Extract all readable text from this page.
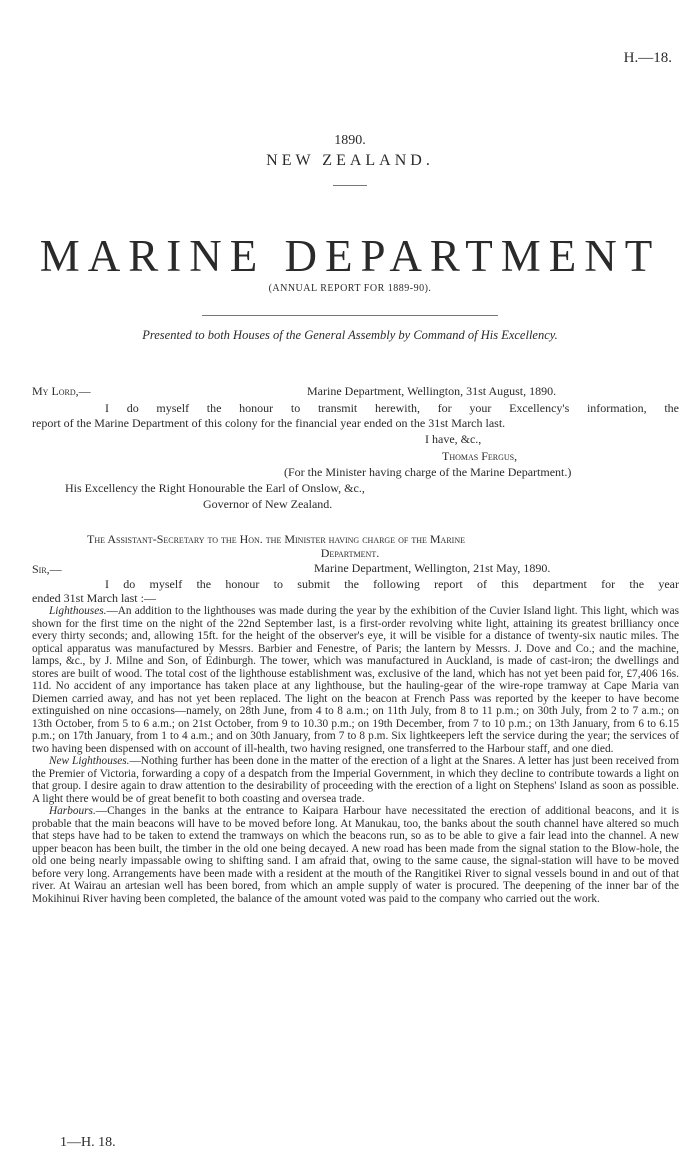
H.—18.
1890.
NEW ZEALAND.
MARINE DEPARTMENT
(ANNUAL REPORT FOR 1889-90).
Presented to both Houses of the General Assembly by Command of His Excellency.
My Lord,—	Marine Department, Wellington, 31st August, 1890.
I do myself the honour to transmit herewith, for your Excellency's information, the
report of the Marine Department of this colony for the financial year ended on the 31st March last.
I have, &c.,
Thomas Fergus,
(For the Minister having charge of the Marine Department.)
His Excellency the Right Honourable the Earl of Onslow, &c.,
Governor of New Zealand.
The Assistant-Secretary to the Hon. the Minister having charge of the Marine
Department.
Sir,—	Marine Department, Wellington, 21st May, 1890.
I do myself the honour to submit the following report of this department for the year
ended 31st March last :—

Lighthouses.—An addition to the lighthouses was made during the year by the exhibition of the Cuvier Island light. This light, which was shown for the first time on the night of the 22nd September last, is a first-order revolving white light, attaining its greatest brilliancy once every thirty seconds; and, allowing 15ft. for the height of the observer's eye, it will be visible for a distance of twenty-six nautic miles. The optical apparatus was manufactured by Messrs. Barbier and Fenestre, of Paris; the lantern by Messrs. J. Dove and Co.; and the machine, lamps, &c., by J. Milne and Son, of Edinburgh. The tower, which was manufactured in Auckland, is made of cast-iron; the dwellings and stores are built of wood. The total cost of the lighthouse establishment was, exclusive of the land, which has not yet been paid for, £7,406 16s. 11d. No accident of any importance has taken place at any lighthouse, but the hauling-gear of the wire-rope tramway at Cape Maria van Diemen carried away, and has not yet been replaced. The light on the beacon at French Pass was reported by the keeper to have become extinguished on nine occasions—namely, on 28th June, from 4 to 8 a.m.; on 11th July, from 8 to 11 p.m.; on 30th July, from 2 to 7 a.m.; on 13th October, from 5 to 6 a.m.; on 21st October, from 9 to 10.30 p.m.; on 19th December, from 7 to 10 p.m.; on 13th January, from 6 to 6.15 p.m.; on 17th January, from 1 to 4 a.m.; and on 30th January, from 7 to 8 p.m. Six lightkeepers left the service during the year; the services of two having been dispensed with on account of ill-health, two having resigned, one transferred to the Harbour staff, and one died.

New Lighthouses.—Nothing further has been done in the matter of the erection of a light at the Snares. A letter has just been received from the Premier of Victoria, forwarding a copy of a despatch from the Imperial Government, in which they decline to contribute towards a light on that group. I desire again to draw attention to the desirability of proceeding with the erection of a light on Stephens' Island as soon as possible. A light there would be of great benefit to both coasting and oversea trade.

Harbours.—Changes in the banks at the entrance to Kaipara Harbour have necessitated the erection of additional beacons, and it is probable that the main beacons will have to be moved before long. At Manukau, too, the banks about the south channel have altered so much that steps have had to be taken to extend the tramways on which the beacons run, so as to be able to give a fair lead into the channel. A new upper beacon has been built, the timber in the old one being decayed. A new road has been made from the signal station to the Blow-hole, the old one being nearly impassable owing to shifting sand. I am afraid that, owing to the same cause, the signal-station will have to be moved before very long. Arrangements have been made with a resident at the mouth of the Rangitikei River to signal vessels bound in and out of that river. At Wairau an artesian well has been bored, from which an ample supply of water is procured. The deepening of the inner bar of the Mokihinui River having been completed, the balance of the amount voted was paid to the company who carried out the work.

1—H. 18.
